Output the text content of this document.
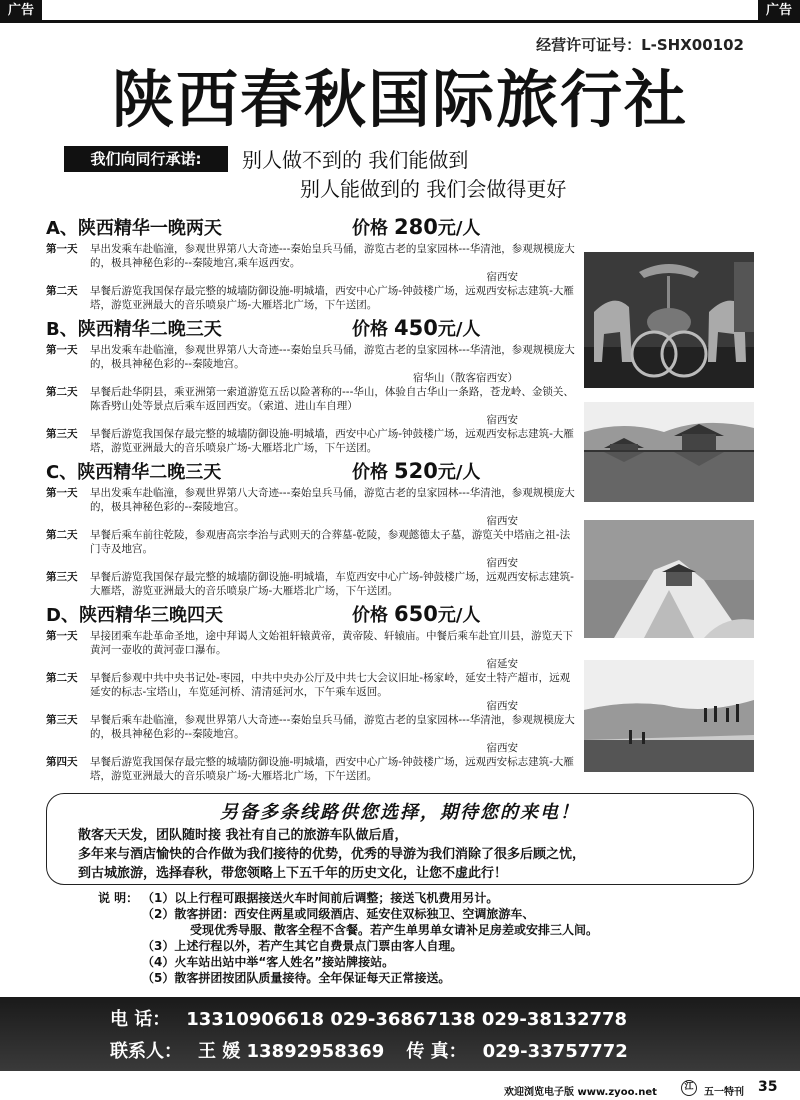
广告	广告
经营许可证号：L-SHX00102
陕西春秋国际旅行社
我们向同行承诺:	别人做不到的 我们能做到
别人能做到的 我们会做得更好
A、陕西精华一晚两天	价格 280元/人
第一天	早出发乘车赴临潼，参观世界第八大奇迹---秦始皇兵马俑，游览古老的皇家园林---华清池，参观规模庞大的，极具神秘色彩的--秦陵地宫,乘车返西安。
宿西安
第二天	早餐后游览我国保存最完整的城墙防御设施-明城墙，西安中心广场-钟鼓楼广场，远观西安标志建筑-大雁塔，游览亚洲最大的音乐喷泉广场-大雁塔北广场，下午送团。
B、陕西精华二晚三天	价格 450元/人
第一天	早出发乘车赴临潼，参观世界第八大奇迹---秦始皇兵马俑，游览古老的皇家园林---华清池，参观规模庞大的，极具神秘色彩的--秦陵地宫。
宿华山（散客宿西安）
第二天	早餐后赴华阴县，乘亚洲第一索道游览五岳以险著称的---华山，体验自古华山一条路，苍龙岭、金锁关、陈香劈山处等景点后乘车返回西安。（索道、进山车自理）
宿西安
第三天	早餐后游览我国保存最完整的城墙防御设施-明城墙，西安中心广场-钟鼓楼广场，远观西安标志建筑-大雁塔，游览亚洲最大的音乐喷泉广场-大雁塔北广场，下午送团。
C、陕西精华二晚三天	价格 520元/人
第一天	早出发乘车赴临潼，参观世界第八大奇迹---秦始皇兵马俑，游览古老的皇家园林---华清池，参观规模庞大的，极具神秘色彩的--秦陵地宫。
宿西安
第二天	早餐后乘车前往乾陵，参观唐高宗李治与武则天的合葬墓-乾陵，参观懿德太子墓，游览关中塔庙之祖-法门寺及地宫。
宿西安
第三天	早餐后游览我国保存最完整的城墙防御设施-明城墙，车览西安中心广场-钟鼓楼广场，远观西安标志建筑-大雁塔，游览亚洲最大的音乐喷泉广场-大雁塔北广场，下午送团。
D、陕西精华三晚四天	价格 650元/人
第一天	早接团乘车赴革命圣地，途中拜谒人文始祖轩辕黄帝，黄帝陵、轩辕庙。中餐后乘车赴宜川县，游览天下黄河一壶收的黄河壶口瀑布。
宿延安
第二天	早餐后参观中共中央书记处-枣园，中共中央办公厅及中共七大会议旧址-杨家岭，延安土特产超市，远观延安的标志-宝塔山，车览延河桥、清清延河水，下午乘车返回。
宿西安
第三天	早餐后乘车赴临潼，参观世界第八大奇迹---秦始皇兵马俑，游览古老的皇家园林---华清池，参观规模庞大的，极具神秘色彩的--秦陵地宫。
宿西安
第四天	早餐后游览我国保存最完整的城墙防御设施-明城墙，西安中心广场-钟鼓楼广场，远观西安标志建筑-大雁塔，游览亚洲最大的音乐喷泉广场-大雁塔北广场，下午送团。
另备多条线路供您选择，期待您的来电！
散客天天发，团队随时接 我社有自己的旅游车队做后盾，
多年来与酒店愉快的合作做为我们接待的优势，优秀的导游为我们消除了很多后顾之忧，
到古城旅游，选择春秋，带您领略上下五千年的历史文化，让您不虚此行！
说 明： （1）以上行程可跟据接送火车时间前后调整；接送飞机费用另计。
（2）散客拼团：西安住两星或同级酒店、延安住双标独卫、空调旅游车、
受现优秀导服、散客全程不含餐。若产生单男单女请补足房差或安排三人间。
（3）上述行程以外，若产生其它自费景点门票由客人自理。
（4）火车站出站中举“客人姓名”接站牌接站。
（5）散客拼团按团队质量接待。全年保证每天正常接送。
电 话： 13310906618 029-36867138 029-38132778
联系人： 王 媛 13892958369 传 真： 029-33757772
欢迎浏览电子版 www.zyoo.net	江	五一特刊 35
